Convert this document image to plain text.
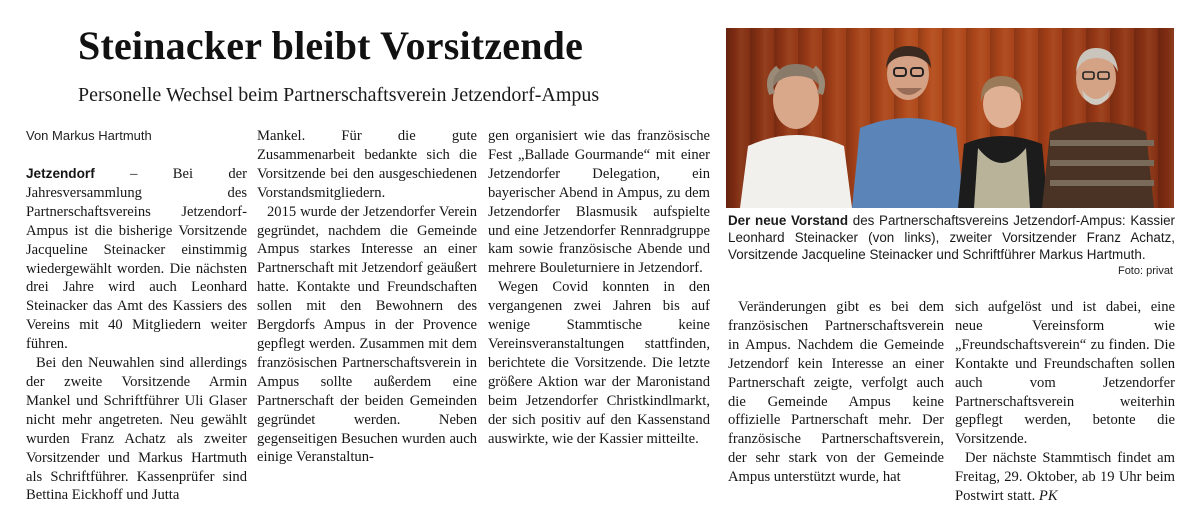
Steinacker bleibt Vorsitzende
Personelle Wechsel beim Partnerschaftsverein Jetzendorf-Ampus
Von Markus Hartmuth

Jetzendorf – Bei der Jahresversammlung des Partnerschaftsvereins Jetzendorf-Ampus ist die bisherige Vorsitzende Jacqueline Steinacker einstimmig wiedergewählt worden. Die nächsten drei Jahre wird auch Leonhard Steinacker das Amt des Kassiers des Vereins mit 40 Mitgliedern weiter führen.

Bei den Neuwahlen sind allerdings der zweite Vorsitzende Armin Mankel und Schriftführer Uli Glaser nicht mehr angetreten. Neu gewählt wurden Franz Achatz als zweiter Vorsitzender und Markus Hartmuth als Schriftführer. Kassenprüfer sind Bettina Eickhoff und Jutta

Mankel. Für die gute Zusammenarbeit bedankte sich die Vorsitzende bei den ausgeschiedenen Vorstandsmitgliedern.

2015 wurde der Jetzendorfer Verein gegründet, nachdem die Gemeinde Ampus starkes Interesse an einer Partnerschaft mit Jetzendorf geäußert hatte. Kontakte und Freundschaften sollen mit den Bewohnern des Bergdorfs Ampus in der Provence gepflegt werden. Zusammen mit dem französischen Partnerschaftsverein in Ampus sollte außerdem eine Partnerschaft der beiden Gemeinden gegründet werden. Neben gegenseitigen Besuchen wurden auch einige Veranstaltun-

gen organisiert wie das französische Fest „Ballade Gourmande“ mit einer Jetzendorfer Delegation, ein bayerischer Abend in Ampus, zu dem Jetzendorfer Blasmusik aufspielte und eine Jetzendorfer Rennradgruppe kam sowie französische Abende und mehrere Bouleturniere in Jetzendorf.

Wegen Covid konnten in den vergangenen zwei Jahren bis auf wenige Stammtische keine Vereinsveranstaltungen stattfinden, berichtete die Vorsitzende. Die letzte größere Aktion war der Maronistand beim Jetzendorfer Christkindlmarkt, der sich positiv auf den Kassenstand auswirkte, wie der Kassier mitteilte.

Der neue Vorstand des Partnerschaftsvereins Jetzendorf-Ampus: Kassier Leonhard Steinacker (von links), zweiter Vorsitzender Franz Achatz, Vorsitzende Jacqueline Steinacker und Schriftführer Markus Hartmuth.
Foto: privat

Veränderungen gibt es bei dem französischen Partnerschaftsverein in Ampus. Nachdem die Gemeinde Jetzendorf kein Interesse an einer Partnerschaft zeigte, verfolgt auch die Gemeinde Ampus keine offizielle Partnerschaft mehr. Der französische Partnerschaftsverein, der sehr stark von der Gemeinde Ampus unterstützt wurde, hat

sich aufgelöst und ist dabei, eine neue Vereinsform wie „Freundschaftsverein“ zu finden. Die Kontakte und Freundschaften sollen auch vom Jetzendorfer Partnerschaftsverein weiterhin gepflegt werden, betonte die Vorsitzende.

Der nächste Stammtisch findet am Freitag, 29. Oktober, ab 19 Uhr beim Postwirt statt. PK
